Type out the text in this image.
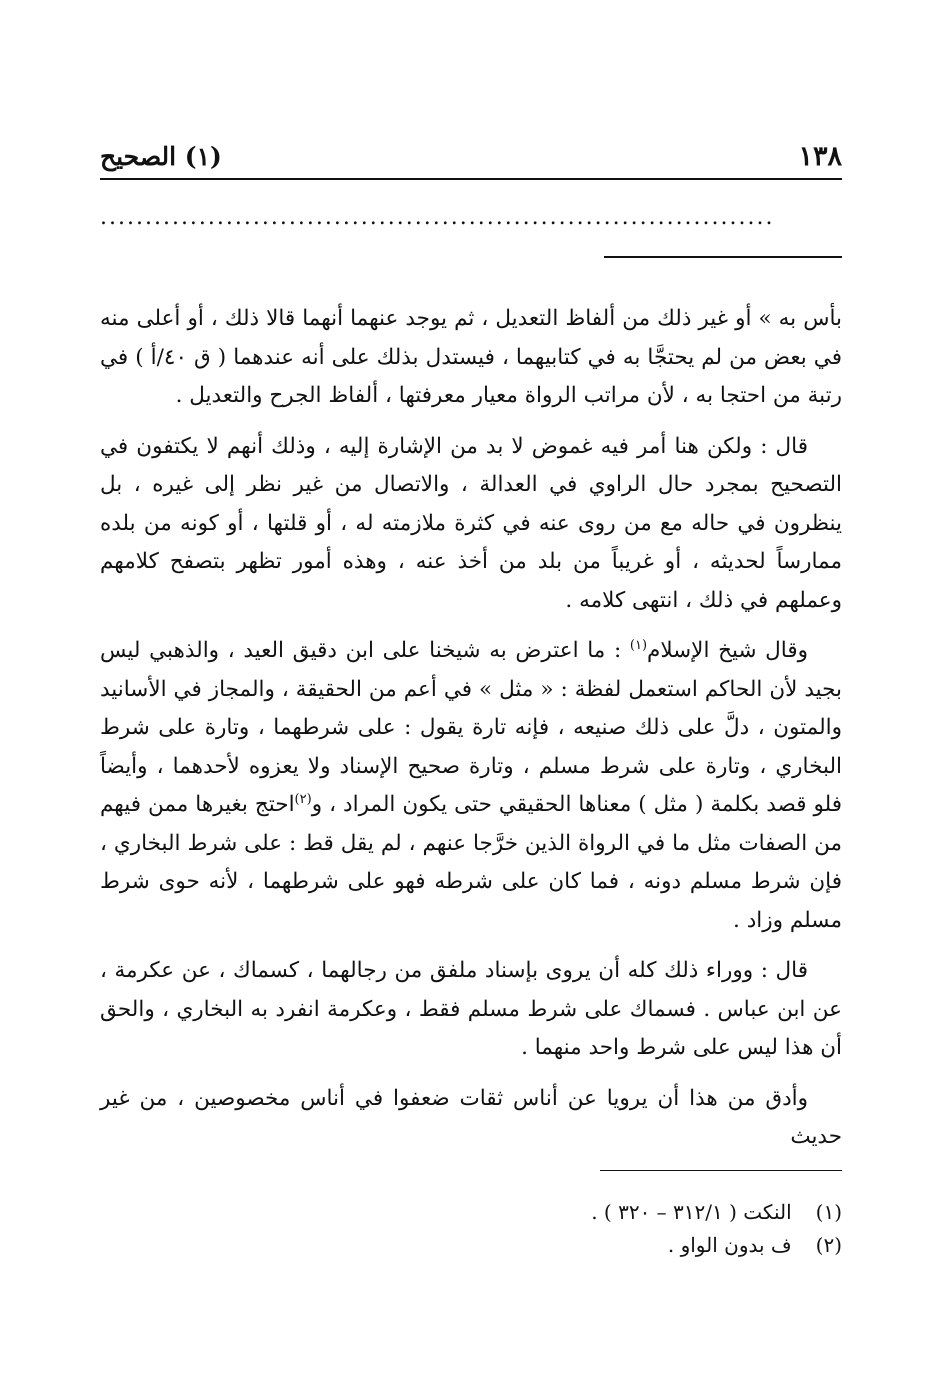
١٣٨
(١) الصحيح
...........................................................................

بأس به » أو غير ذلك من ألفاظ التعديل ، ثم يوجد عنهما أنهما قالا ذلك ، أو أعلى منه في بعض من لم يحتجَّا به في كتابيهما ، فيستدل بذلك على أنه عندهما ( ق ٤٠/أ ) في رتبة من احتجا به ، لأن مراتب الرواة معيار معرفتها ، ألفاظ الجرح والتعديل .

قال : ولكن هنا أمر فيه غموض لا بد من الإشارة إليه ، وذلك أنهم لا يكتفون في التصحيح بمجرد حال الراوي في العدالة ، والاتصال من غير نظر إلى غيره ، بل ينظرون في حاله مع من روى عنه في كثرة ملازمته له ، أو قلتها ، أو كونه من بلده ممارساً لحديثه ، أو غريباً من بلد من أخذ عنه ، وهذه أمور تظهر بتصفح كلامهم وعملهم في ذلك ، انتهى كلامه .

وقال شيخ الإسلام$^{(١)}$ : ما اعترض به شيخنا على ابن دقيق العيد ، والذهبي ليس بجيد لأن الحاكم استعمل لفظة : « مثل » في أعم من الحقيقة ، والمجاز في الأسانيد والمتون ، دلَّ على ذلك صنيعه ، فإنه تارة يقول : على شرطهما ، وتارة على شرط البخاري ، وتارة على شرط مسلم ، وتارة صحيح الإسناد ولا يعزوه لأحدهما ، وأيضاً فلو قصد بكلمة ( مثل ) معناها الحقيقي حتى يكون المراد ، و$^{(٢)}$احتج بغيرها ممن فيهم من الصفات مثل ما في الرواة الذين خرَّجا عنهم ، لم يقل قط : على شرط البخاري ، فإن شرط مسلم دونه ، فما كان على شرطه فهو على شرطهما ، لأنه حوى شرط مسلم وزاد .

قال : ووراء ذلك كله أن يروى بإسناد ملفق من رجالهما ، كسماك ، عن عكرمة ، عن ابن عباس . فسماك على شرط مسلم فقط ، وعكرمة انفرد به البخاري ، والحق أن هذا ليس على شرط واحد منهما .

وأدق من هذا أن يرويا عن أناس ثقات ضعفوا في أناس مخصوصين ، من غير حديث

(١) النكت ( ٣١٢/١ – ٣٢٠ ) .
(٢) ف بدون الواو .
